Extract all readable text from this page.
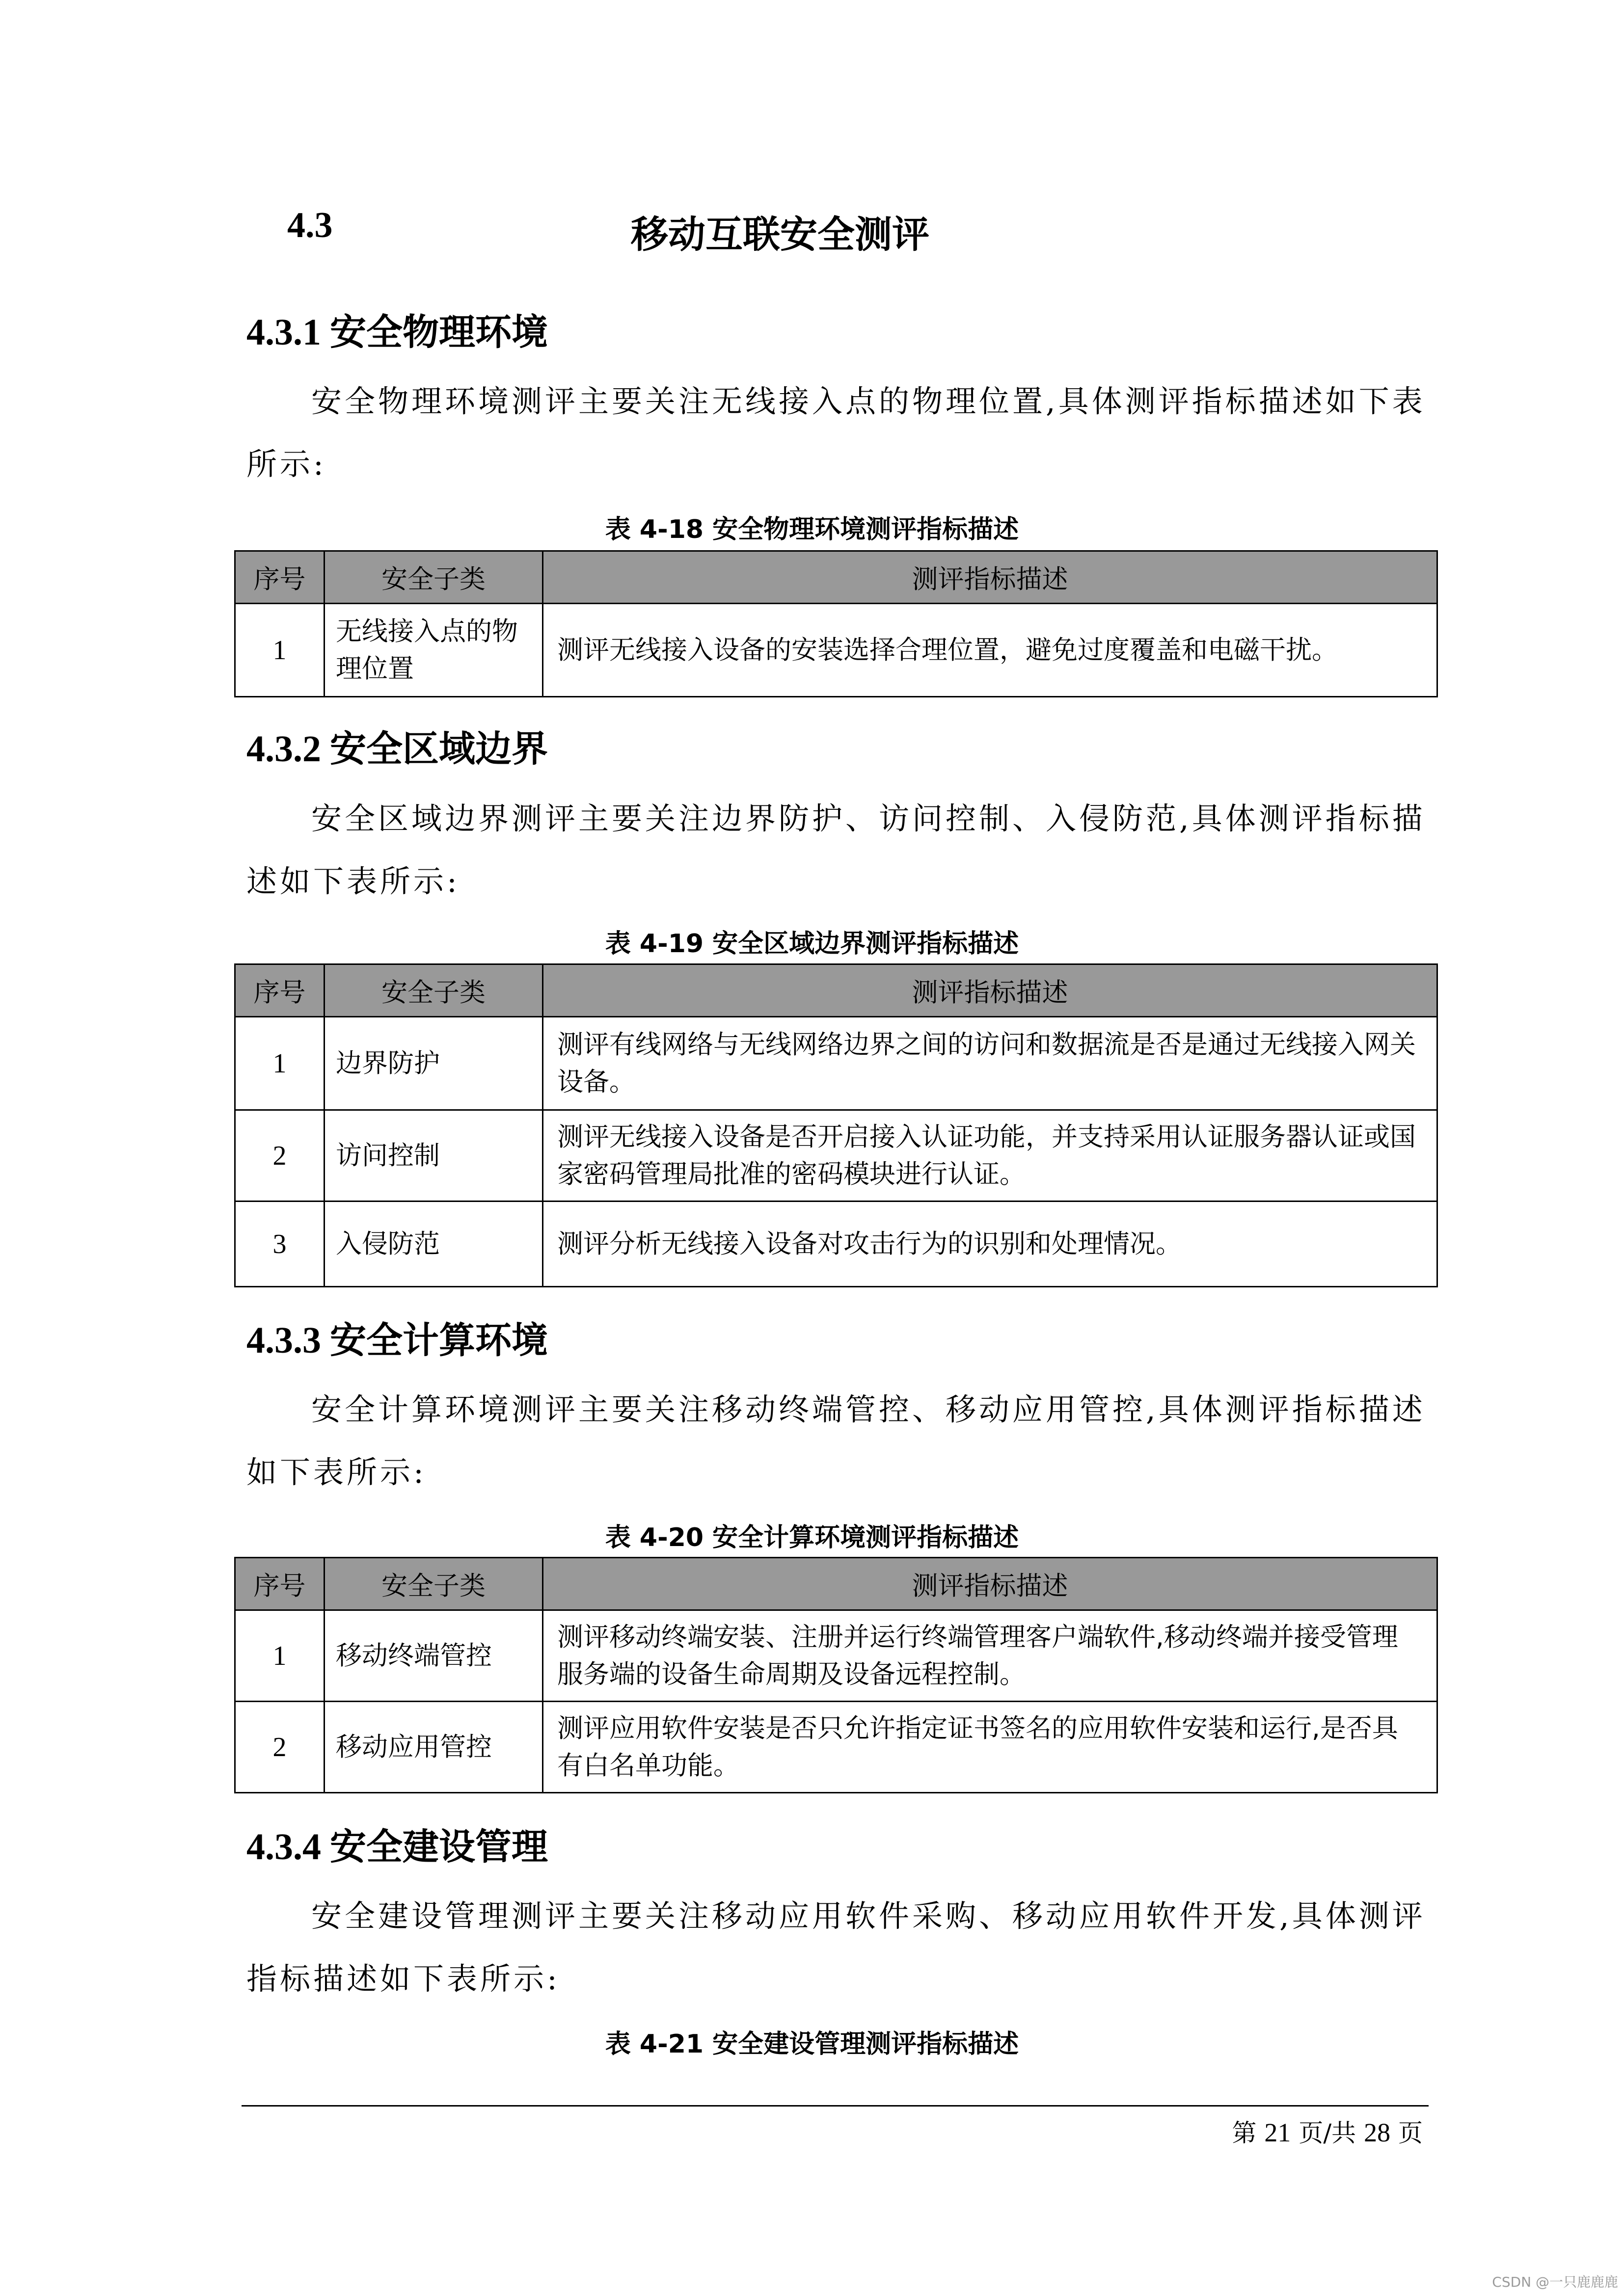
4.3	移动互联安全测评
4.3.1 安全物理环境
安全物理环境测评主要关注无线接入点的物理位置,具体测评指标描述如下表所示:
表 4-18 安全物理环境测评指标描述
序号	安全子类	测评指标描述
1	无线接入点的物理位置	测评无线接入设备的安装选择合理位置，避免过度覆盖和电磁干扰。
4.3.2 安全区域边界
安全区域边界测评主要关注边界防护、访问控制、入侵防范,具体测评指标描述如下表所示:
表 4-19 安全区域边界测评指标描述
序号	安全子类	测评指标描述
1	边界防护	测评有线网络与无线网络边界之间的访问和数据流是否是通过无线接入网关设备。
2	访问控制	测评无线接入设备是否开启接入认证功能，并支持采用认证服务器认证或国家密码管理局批准的密码模块进行认证。
3	入侵防范	测评分析无线接入设备对攻击行为的识别和处理情况。
4.3.3 安全计算环境
安全计算环境测评主要关注移动终端管控、移动应用管控,具体测评指标描述如下表所示:
表 4-20 安全计算环境测评指标描述
序号	安全子类	测评指标描述
1	移动终端管控	测评移动终端安装、注册并运行终端管理客户端软件,移动终端并接受管理服务端的设备生命周期及设备远程控制。
2	移动应用管控	测评应用软件安装是否只允许指定证书签名的应用软件安装和运行,是否具有白名单功能。
4.3.4 安全建设管理
安全建设管理测评主要关注移动应用软件采购、移动应用软件开发,具体测评指标描述如下表所示:
表 4-21 安全建设管理测评指标描述
第 21 页/共 28 页
CSDN @一只鹿鹿鹿
